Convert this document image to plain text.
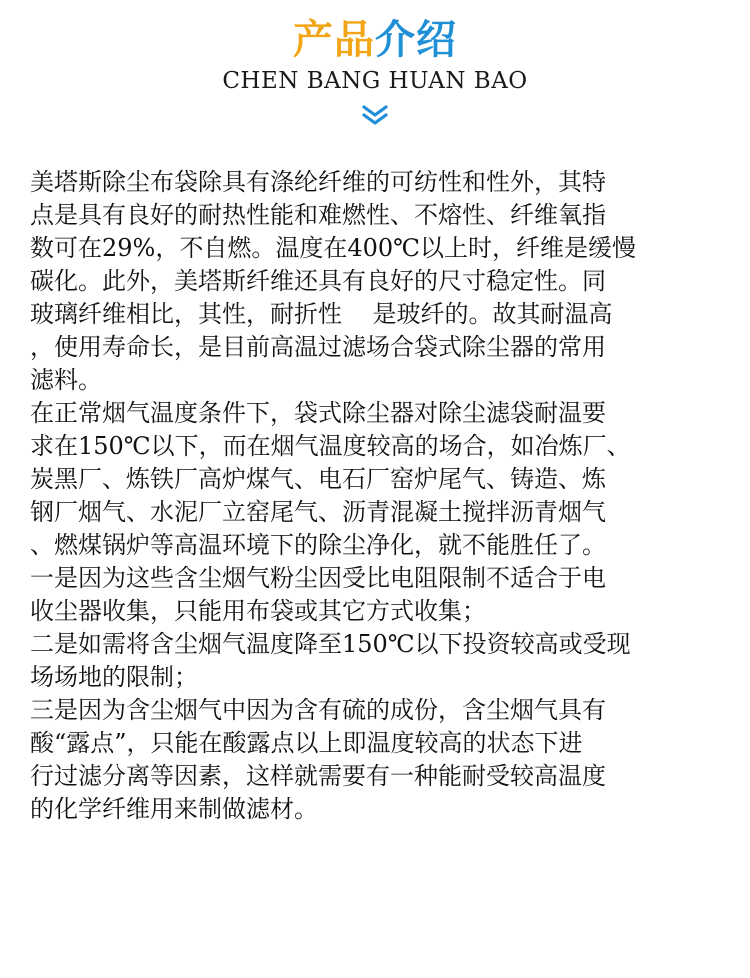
产品介绍
CHEN BANG HUAN BAO
美塔斯除尘布袋除具有涤纶纤维的可纺性和性外，其特
点是具有良好的耐热性能和难燃性、不熔性、纤维氧指
数可在29%，不自燃。温度在400℃以上时，纤维是缓慢
碳化。此外，美塔斯纤维还具有良好的尺寸稳定性。同
玻璃纤维相比，其性，耐折性    是玻纤的。故其耐温高
，使用寿命长，是目前高温过滤场合袋式除尘器的常用
滤料。
在正常烟气温度条件下，袋式除尘器对除尘滤袋耐温要
求在150℃以下，而在烟气温度较高的场合，如冶炼厂、
炭黑厂、炼铁厂高炉煤气、电石厂窑炉尾气、铸造、炼
钢厂烟气、水泥厂立窑尾气、沥青混凝土搅拌沥青烟气
、燃煤锅炉等高温环境下的除尘净化，就不能胜任了。
一是因为这些含尘烟气粉尘因受比电阻限制不适合于电
收尘器收集，只能用布袋或其它方式收集；
二是如需将含尘烟气温度降至150℃以下投资较高或受现
场场地的限制；
三是因为含尘烟气中因为含有硫的成份，含尘烟气具有
酸“露点”，只能在酸露点以上即温度较高的状态下进
行过滤分离等因素，这样就需要有一种能耐受较高温度
的化学纤维用来制做滤材。
